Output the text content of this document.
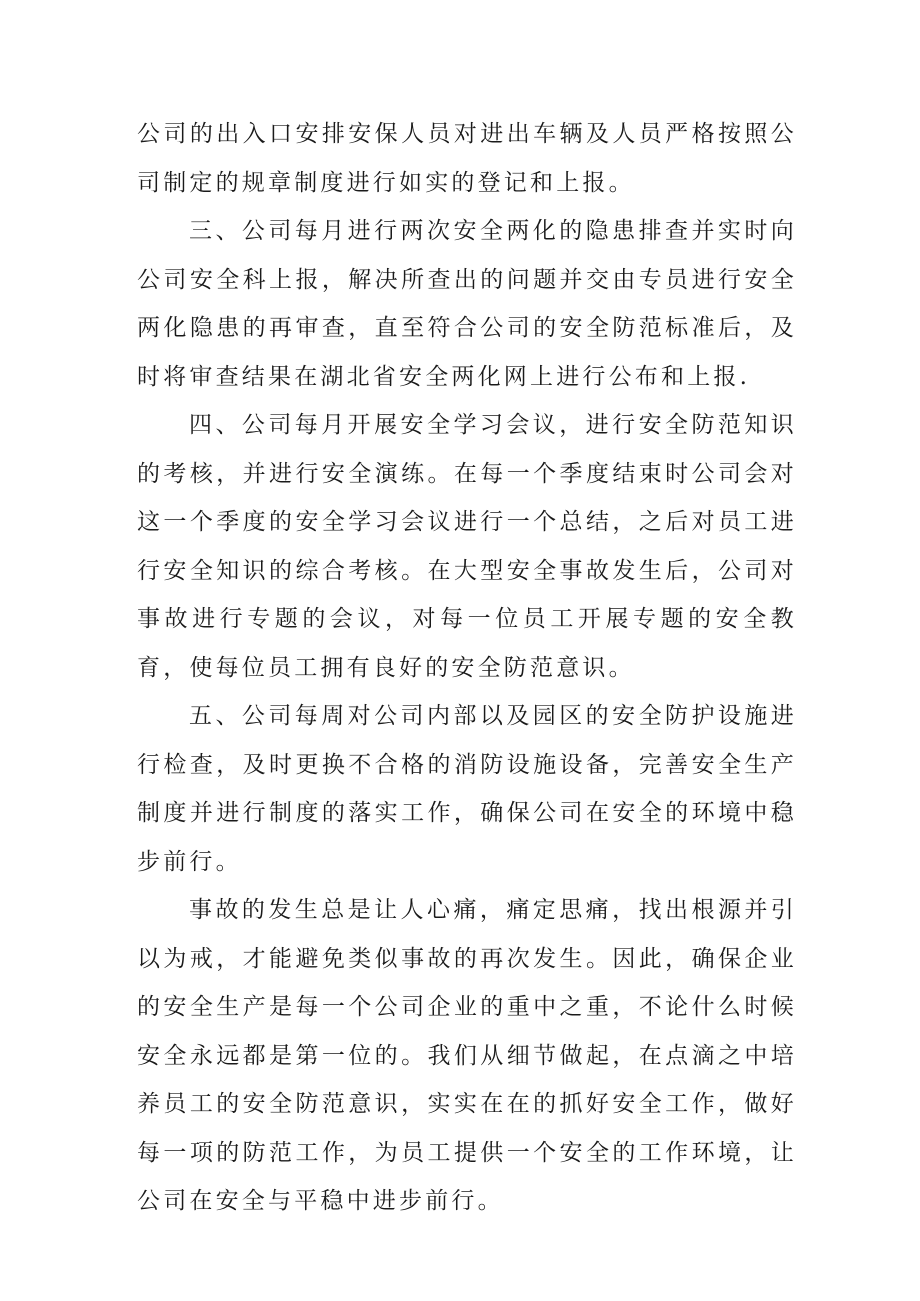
公司的出入口安排安保人员对进出车辆及人员严格按照公司制定的规章制度进行如实的登记和上报。

三、公司每月进行两次安全两化的隐患排查并实时向公司安全科上报，解决所查出的问题并交由专员进行安全两化隐患的再审查，直至符合公司的安全防范标准后，及时将审查结果在湖北省安全两化网上进行公布和上报.

四、公司每月开展安全学习会议，进行安全防范知识的考核，并进行安全演练。在每一个季度结束时公司会对这一个季度的安全学习会议进行一个总结，之后对员工进行安全知识的综合考核。在大型安全事故发生后，公司对事故进行专题的会议，对每一位员工开展专题的安全教育，使每位员工拥有良好的安全防范意识。

五、公司每周对公司内部以及园区的安全防护设施进行检查，及时更换不合格的消防设施设备，完善安全生产制度并进行制度的落实工作，确保公司在安全的环境中稳步前行。

事故的发生总是让人心痛，痛定思痛，找出根源并引以为戒，才能避免类似事故的再次发生。因此，确保企业的安全生产是每一个公司企业的重中之重，不论什么时候安全永远都是第一位的。我们从细节做起，在点滴之中培养员工的安全防范意识，实实在在的抓好安全工作，做好每一项的防范工作，为员工提供一个安全的工作环境，让公司在安全与平稳中进步前行。
